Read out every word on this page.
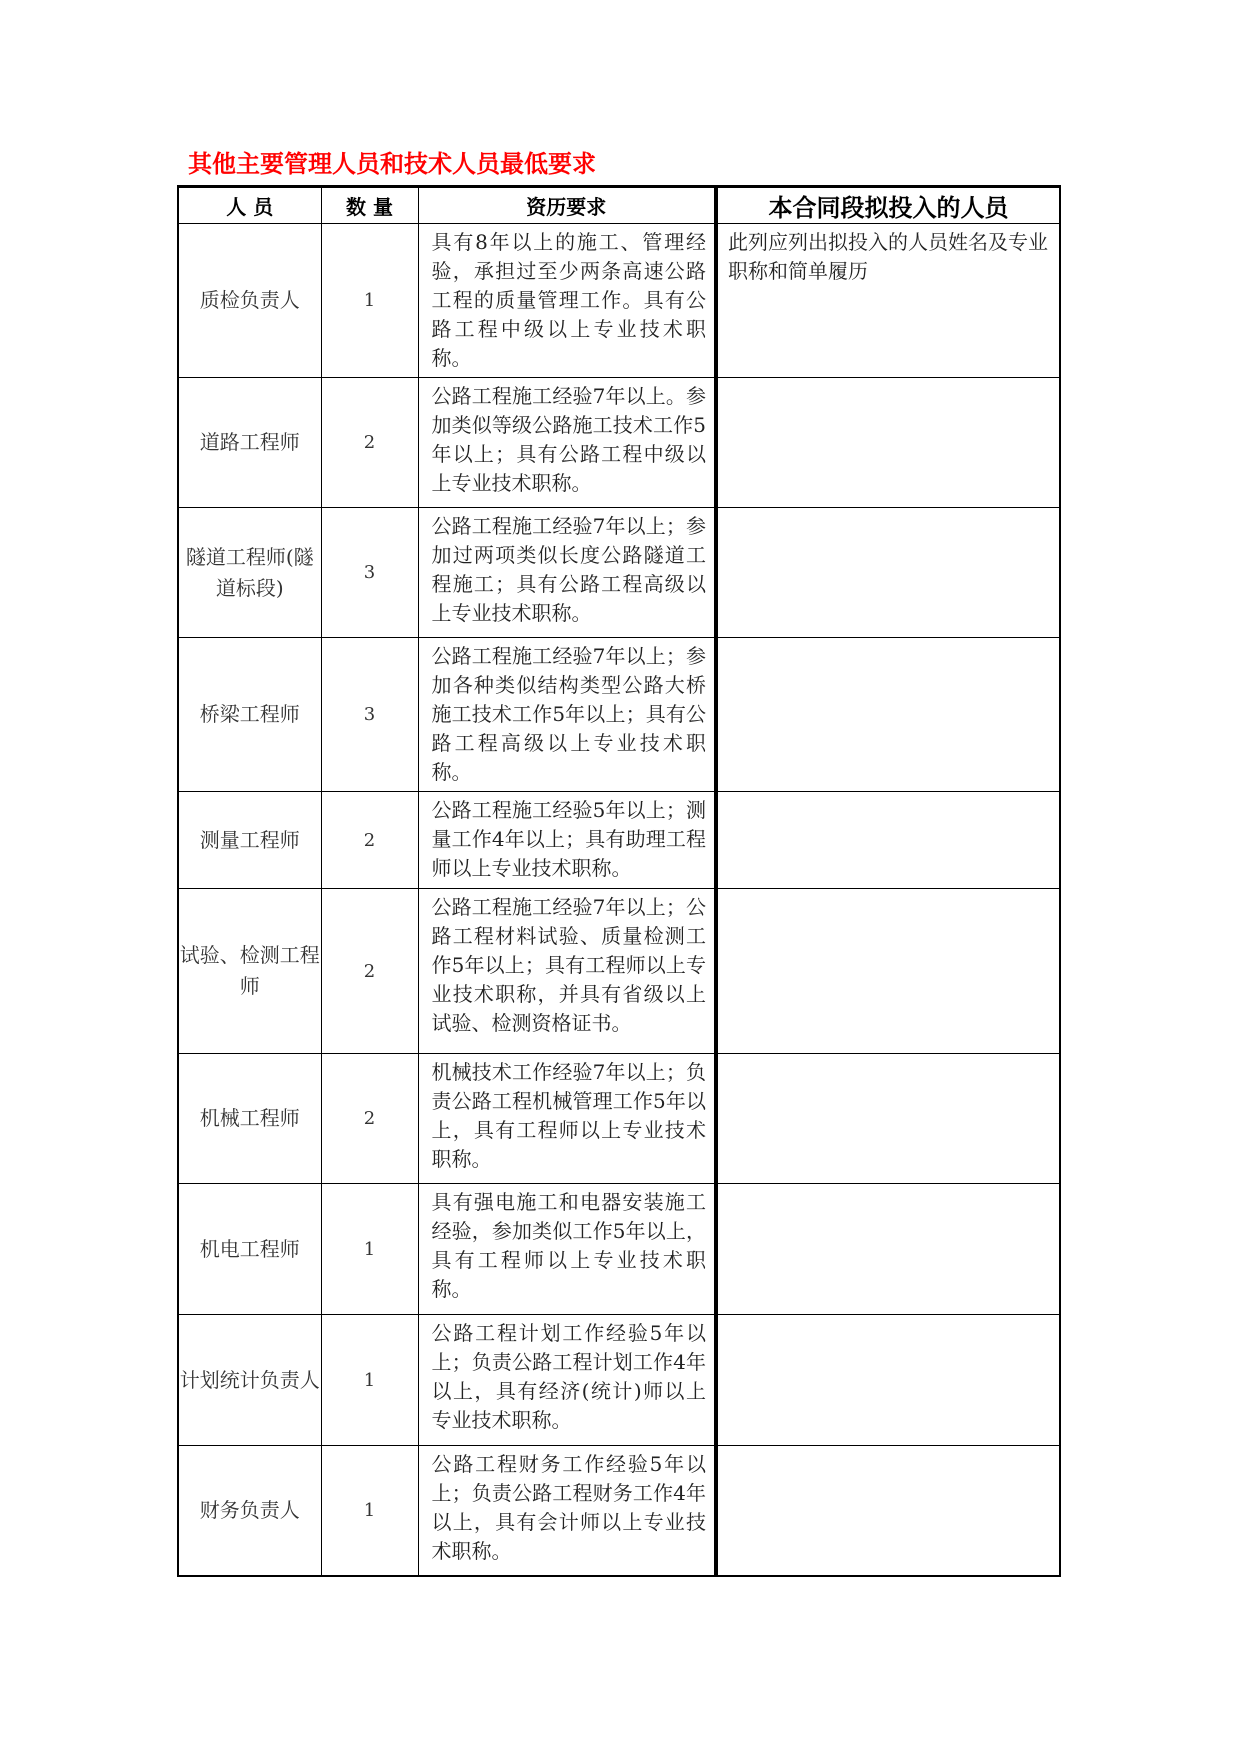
其他主要管理人员和技术人员最低要求
人 员	数 量	资历要求	本合同段拟投入的人员
质检负责人	1	具有8年以上的施工、管理经验，承担过至少两条高速公路工程的质量管理工作。具有公路工程中级以上专业技术职称。	此列应列出拟投入的人员姓名及专业职称和简单履历
道路工程师	2	公路工程施工经验7年以上。参加类似等级公路施工技术工作5年以上；具有公路工程中级以上专业技术职称。	
隧道工程师(隧道标段)	3	公路工程施工经验7年以上；参加过两项类似长度公路隧道工程施工；具有公路工程高级以上专业技术职称。	
桥梁工程师	3	公路工程施工经验7年以上；参加各种类似结构类型公路大桥施工技术工作5年以上；具有公路工程高级以上专业技术职称。	
测量工程师	2	公路工程施工经验5年以上；测量工作4年以上；具有助理工程师以上专业技术职称。	
试验、检测工程师	2	公路工程施工经验7年以上；公路工程材料试验、质量检测工作5年以上；具有工程师以上专业技术职称，并具有省级以上试验、检测资格证书。	
机械工程师	2	机械技术工作经验7年以上；负责公路工程机械管理工作5年以上，具有工程师以上专业技术职称。	
机电工程师	1	具有强电施工和电器安装施工经验，参加类似工作5年以上，具有工程师以上专业技术职称。	
计划统计负责人	1	公路工程计划工作经验5年以上；负责公路工程计划工作4年以上，具有经济(统计)师以上专业技术职称。	
财务负责人	1	公路工程财务工作经验5年以上；负责公路工程财务工作4年以上，具有会计师以上专业技术职称。	
